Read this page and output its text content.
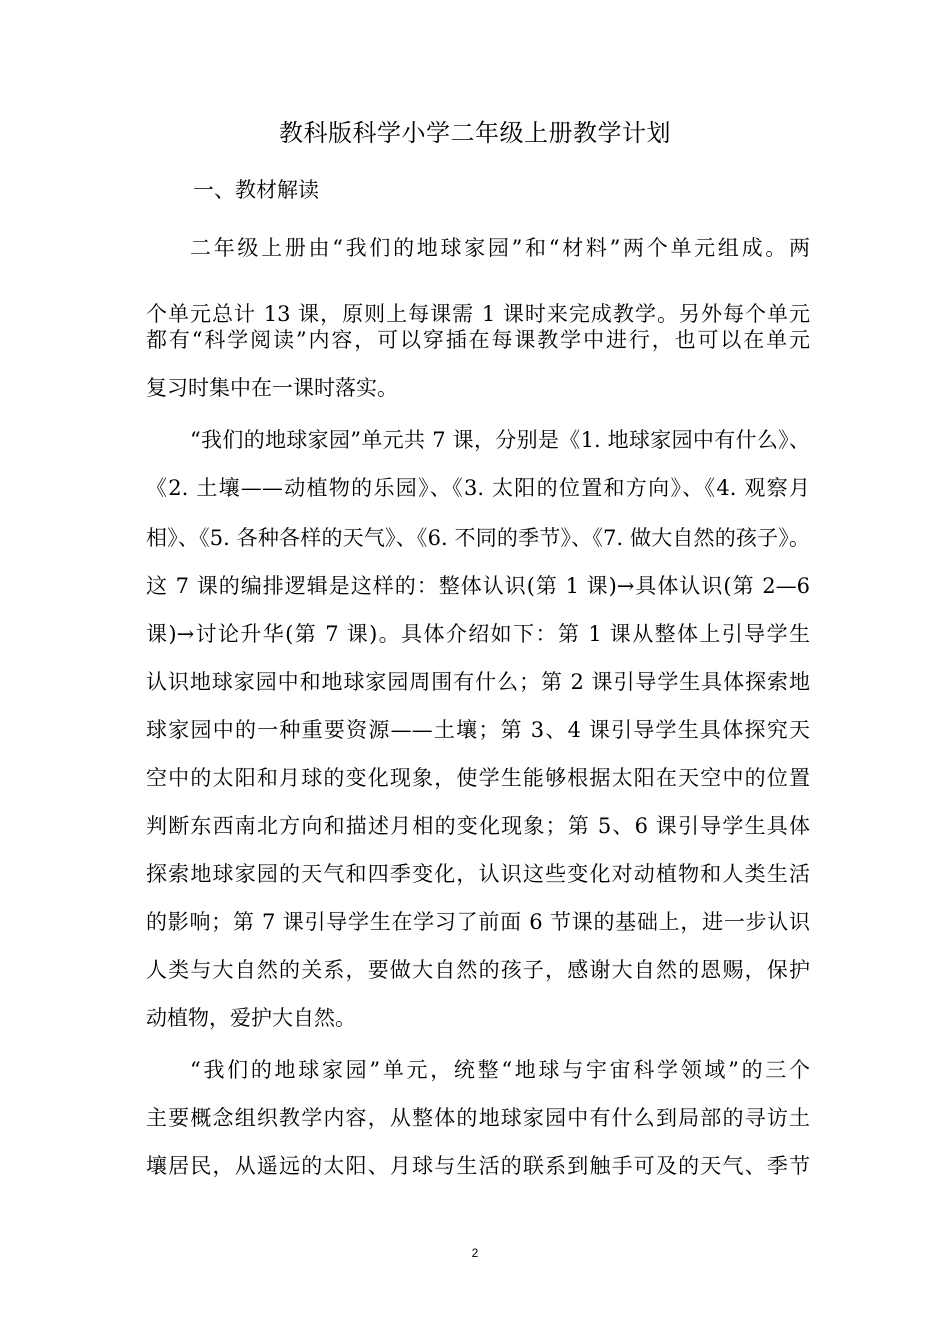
教科版科学小学二年级上册教学计划

一、教材解读

二年级上册由“我们的地球家园”和“材料”两个单元组成。两

个单元总计 13 课，原则上每课需 1 课时来完成教学。另外每个单元

都有“科学阅读”内容，可以穿插在每课教学中进行，也可以在单元

复习时集中在一课时落实。

“我们的地球家园”单元共 7 课，分别是《1. 地球家园中有什么》、

《2. 土壤——动植物的乐园》、《3. 太阳的位置和方向》、《4. 观察月

相》、《5. 各种各样的天气》、《6. 不同的季节》、《7. 做大自然的孩子》。

这 7 课的编排逻辑是这样的：整体认识(第 1 课)→具体认识(第 2—6

课)→讨论升华(第 7 课)。具体介绍如下：第 1 课从整体上引导学生

认识地球家园中和地球家园周围有什么；第 2 课引导学生具体探索地

球家园中的一种重要资源——土壤；第 3、4 课引导学生具体探究天

空中的太阳和月球的变化现象，使学生能够根据太阳在天空中的位置

判断东西南北方向和描述月相的变化现象；第 5、6 课引导学生具体

探索地球家园的天气和四季变化，认识这些变化对动植物和人类生活

的影响；第 7 课引导学生在学习了前面 6 节课的基础上，进一步认识

人类与大自然的关系，要做大自然的孩子，感谢大自然的恩赐，保护

动植物，爱护大自然。

“我们的地球家园”单元，统整“地球与宇宙科学领域”的三个

主要概念组织教学内容，从整体的地球家园中有什么到局部的寻访土

壤居民，从遥远的太阳、月球与生活的联系到触手可及的天气、季节

2
